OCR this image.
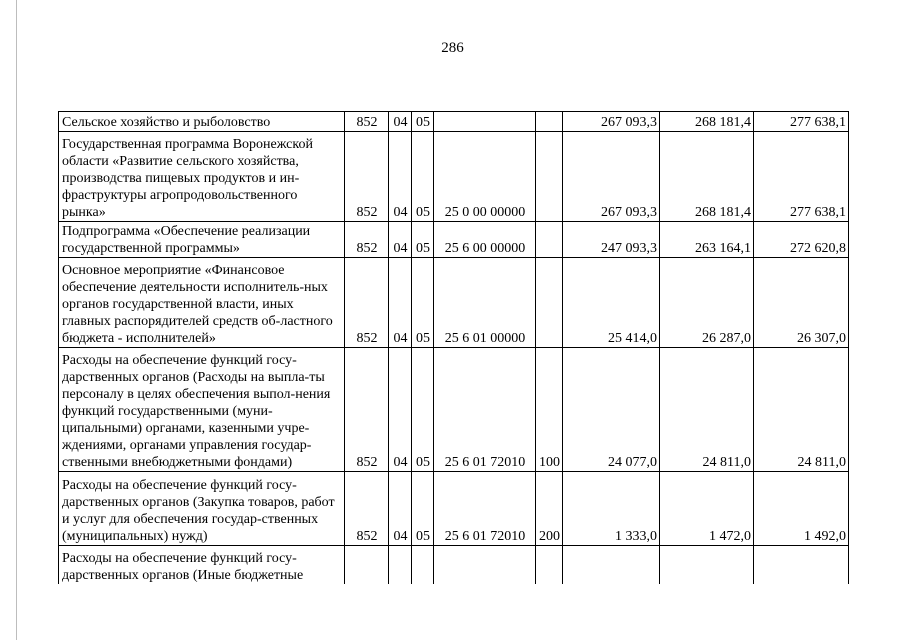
286
Сельское хозяйство и рыболовство	852	04	05			267 093,3	268 181,4	277 638,1
Государственная программа Воронежской области «Развитие сельского хозяйства, производства пищевых продуктов и ин-фраструктуры агропродовольственного рынка»	852	04	05	25 0 00 00000		267 093,3	268 181,4	277 638,1
Подпрограмма «Обеспечение реализации государственной программы»	852	04	05	25 6 00 00000		247 093,3	263 164,1	272 620,8
Основное мероприятие «Финансовое обеспечение деятельности исполнитель-ных органов государственной власти, иных главных распорядителей средств об-ластного бюджета - исполнителей»	852	04	05	25 6 01 00000		25 414,0	26 287,0	26 307,0
Расходы на обеспечение функций госу-дарственных органов (Расходы на выпла-ты персоналу в целях обеспечения выпол-нения функций государственными (муни-ципальными) органами, казенными учре-ждениями, органами управления государ-ственными внебюджетными фондами)	852	04	05	25 6 01 72010	100	24 077,0	24 811,0	24 811,0
Расходы на обеспечение функций госу-дарственных органов (Закупка товаров, работ и услуг для обеспечения государ-ственных (муниципальных) нужд)	852	04	05	25 6 01 72010	200	1 333,0	1 472,0	1 492,0
Расходы на обеспечение функций госу-дарственных органов (Иные бюджетные								
